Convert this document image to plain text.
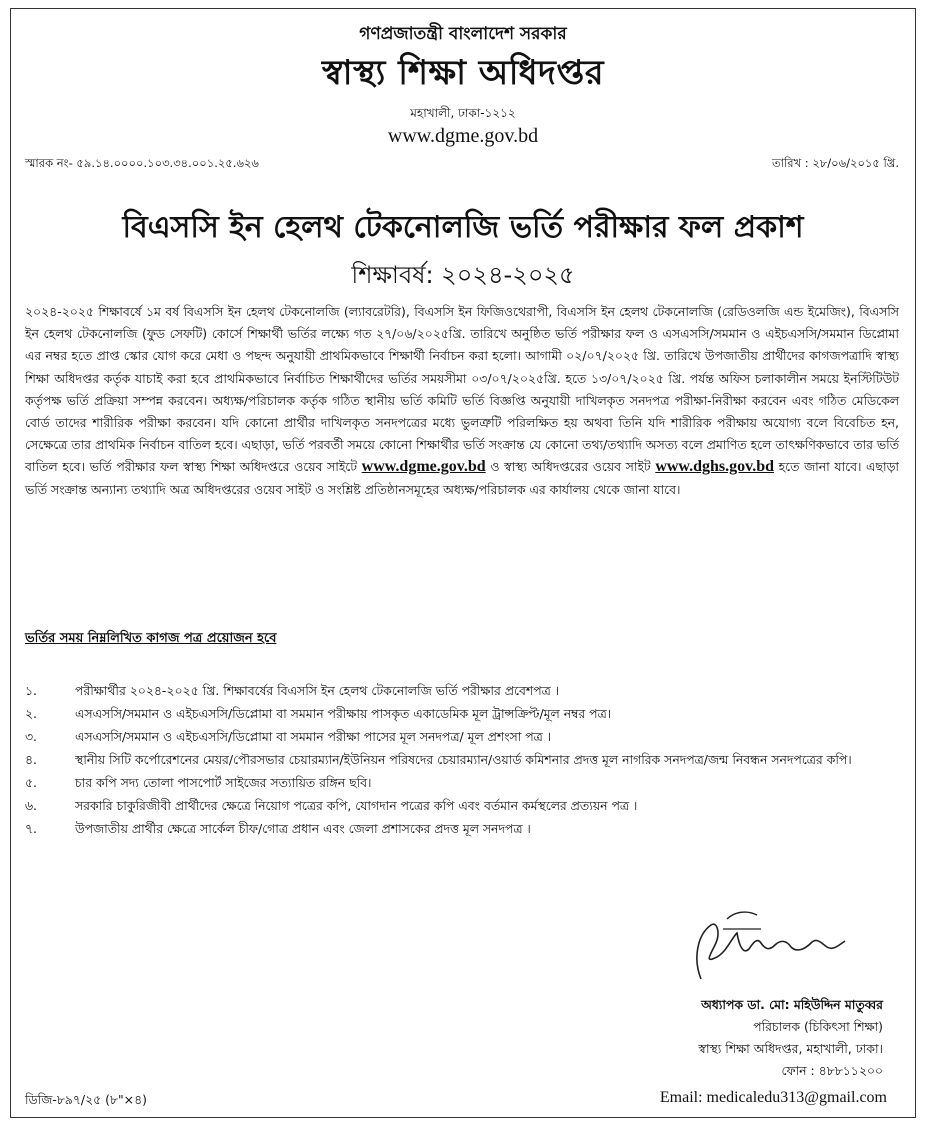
গণপ্রজাতন্ত্রী বাংলাদেশ সরকার
স্বাস্থ্য শিক্ষা অধিদপ্তর
মহাখালী, ঢাকা-১২১২
www.dgme.gov.bd
স্মারক নং- ৫৯.১৪.০০০০.১০৩.৩৪.০০১.২৫.৬২৬	তারিখ : ২৮/০৬/২০১৫ খ্রি.
বিএসসি ইন হেলথ টেকনোলজি ভর্তি পরীক্ষার ফল প্রকাশ
শিক্ষাবর্ষ: ২০২৪-২০২৫
২০২৪-২০২৫ শিক্ষাবর্ষে ১ম বর্ষ বিএসসি ইন হেলথ টেকনোলজি (ল্যাবরেটরি), বিএসসি ইন ফিজিওথেরাপী, বিএসসি ইন হেলথ টেকনোলজি (রেডিওলজি এন্ড ইমেজিং), বিএসসি ইন হেলথ টেকনোলজি (ফুড সেফটি) কোর্সে শিক্ষার্থী ভর্তির লক্ষ্যে গত ২৭/০৬/২০২৫খ্রি. তারিখে অনুষ্ঠিত ভর্তি পরীক্ষার ফল ও এসএসসি/সমমান ও এইচএসসি/সমমান ডিপ্লোমা এর নম্বর হতে প্রাপ্ত স্কোর যোগ করে মেধা ও পছন্দ অনুযায়ী প্রাথমিকভাবে শিক্ষার্থী নির্বাচন করা হলো। আগামী ০২/০৭/২০২৫ খ্রি. তারিখে উপজাতীয় প্রার্থীদের কাগজপত্রাদি স্বাস্থ্য শিক্ষা অধিদপ্তর কর্তৃক যাচাই করা হবে প্রাথমিকভাবে নির্বাচিত শিক্ষার্থীদের ভর্তির সময়সীমা ০৩/০৭/২০২৫খ্রি. হতে ১৩/০৭/২০২৫ খ্রি. পর্যন্ত অফিস চলাকালীন সময়ে ইনস্টিটিউট কর্তৃপক্ষ ভর্তি প্রক্রিয়া সম্পন্ন করবেন। অধ্যক্ষ/পরিচালক কর্তৃক গঠিত স্থানীয় ভর্তি কমিটি ভর্তি বিজ্ঞপ্তি অনুযায়ী দাখিলকৃত সনদপত্র পরীক্ষা-নিরীক্ষা করবেন এবং গঠিত মেডিকেল বোর্ড তাদের শারীরিক পরীক্ষা করবেন। যদি কোনো প্রার্থীর দাখিলকৃত সনদপত্রের মধ্যে ভুলত্রুটি পরিলক্ষিত হয় অথবা তিনি যদি শারীরিক পরীক্ষায় অযোগ্য বলে বিবেচিত হন, সেক্ষেত্রে তার প্রাথমিক নির্বাচন বাতিল হবে। এছাড়া, ভর্তি পরবর্তী সময়ে কোনো শিক্ষার্থীর ভর্তি সংক্রান্ত যে কোনো তথ্য/তথ্যাদি অসত্য বলে প্রমাণিত হলে তাৎক্ষণিকভাবে তার ভর্তি বাতিল হবে। ভর্তি পরীক্ষার ফল স্বাস্থ্য শিক্ষা অধিদপ্তরে ওয়েব সাইটে www.dgme.gov.bd ও স্বাস্থ্য অধিদপ্তরের ওয়েব সাইট www.dghs.gov.bd হতে জানা যাবে। এছাড়া ভর্তি সংক্রান্ত অন্যান্য তথ্যাদি অত্র অধিদপ্তরের ওয়েব সাইট ও সংশ্লিষ্ট প্রতিষ্ঠানসমূহের অধ্যক্ষ/পরিচালক এর কার্যালয় থেকে জানা যাবে।
ভর্তির সময় নিম্নলিখিত কাগজ পত্র প্রয়োজন হবে
১.	পরীক্ষার্থীর ২০২৪-২০২৫ খ্রি. শিক্ষাবর্ষের বিএসসি ইন হেলথ টেকনোলজি ভর্তি পরীক্ষার প্রবেশপত্র ।
২.	এসএসসি/সমমান ও এইচএসসি/ডিপ্লোমা বা সমমান পরীক্ষায় পাসকৃত একাডেমিক মূল ট্রান্সক্রিপ্ট/মূল নম্বর পত্র।
৩.	এসএসসি/সমমান ও এইচএসসি/ডিপ্লোমা বা সমমান পরীক্ষা পাসের মূল সনদপত্র/ মূল প্রশংসা পত্র ।
৪.	স্থানীয় সিটি কর্পোরেশনের মেয়র/পৌরসভার চেয়ারম্যান/ইউনিয়ন পরিষদের চেয়ারম্যান/ওয়ার্ড কমিশনার প্রদত্ত মূল নাগরিক সনদপত্র/জন্ম নিবন্ধন সনদপত্রের কপি।
৫.	চার কপি সদ্য তোলা পাসপোর্ট সাইজের সত্যায়িত রঙ্গিন ছবি।
৬.	সরকারি চাকুরিজীবী প্রার্থীদের ক্ষেত্রে নিয়োগ পত্রের কপি, যোগদান পত্রের কপি এবং বর্তমান কর্মস্থলের প্রত্যয়ন পত্র ।
৭.	উপজাতীয় প্রার্থীর ক্ষেত্রে সার্কেল চীফ/গোত্র প্রধান এবং জেলা প্রশাসকের প্রদত্ত মূল সনদপত্র ।
অধ্যাপক ডা. মো: মহিউদ্দিন মাতুব্বর
পরিচালক (চিকিৎসা শিক্ষা)
স্বাস্থ্য শিক্ষা অধিদপ্তর, মহাখালী, ঢাকা।
ফোন : ৪৮৮১১২০০
ডিজি-৮৯৭/২৫ (৮"×৪)	Email: medicaledu313@gmail.com
